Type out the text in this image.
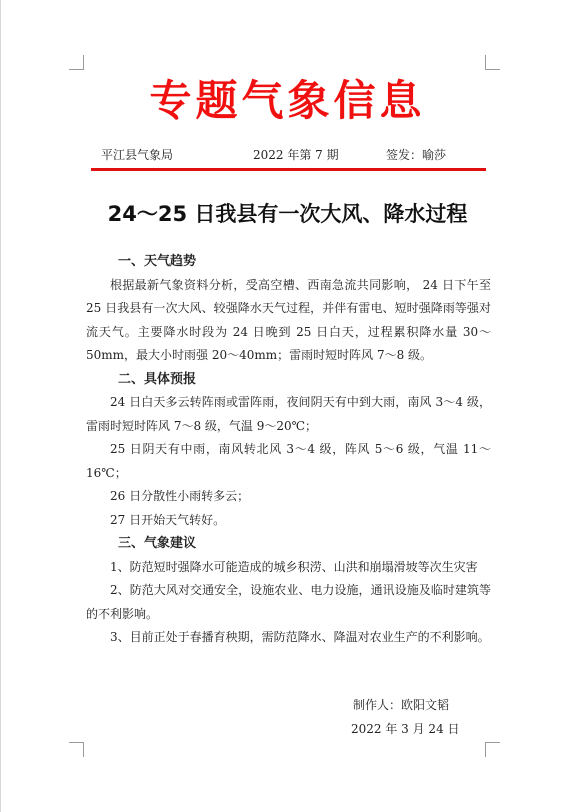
专题气象信息
平江县气象局	2022 年第 7 期	签发：喻莎
24～25 日我县有一次大风、降水过程
一、天气趋势

根据最新气象资料分析，受高空槽、西南急流共同影响， 24 日下午至 25 日我县有一次大风、较强降水天气过程，并伴有雷电、短时强降雨等强对流天气。主要降水时段为 24 日晚到 25 日白天，过程累积降水量 30～50mm，最大小时雨强 20～40mm；雷雨时短时阵风 7～8 级。

二、具体预报

24 日白天多云转阵雨或雷阵雨，夜间阴天有中到大雨，南风 3～4 级，雷雨时短时阵风 7～8 级，气温 9～20℃；

25 日阴天有中雨，南风转北风 3～4 级，阵风 5～6 级，气温 11～16℃；

26 日分散性小雨转多云；

27 日开始天气转好。

三、气象建议

1、防范短时强降水可能造成的城乡积涝、山洪和崩塌滑坡等次生灾害

2、防范大风对交通安全，设施农业、电力设施，通讯设施及临时建筑等的不利影响。

3、目前正处于春播育秧期，需防范降水、降温对农业生产的不利影响。

制作人：欧阳文韬
2022 年 3 月 24 日
